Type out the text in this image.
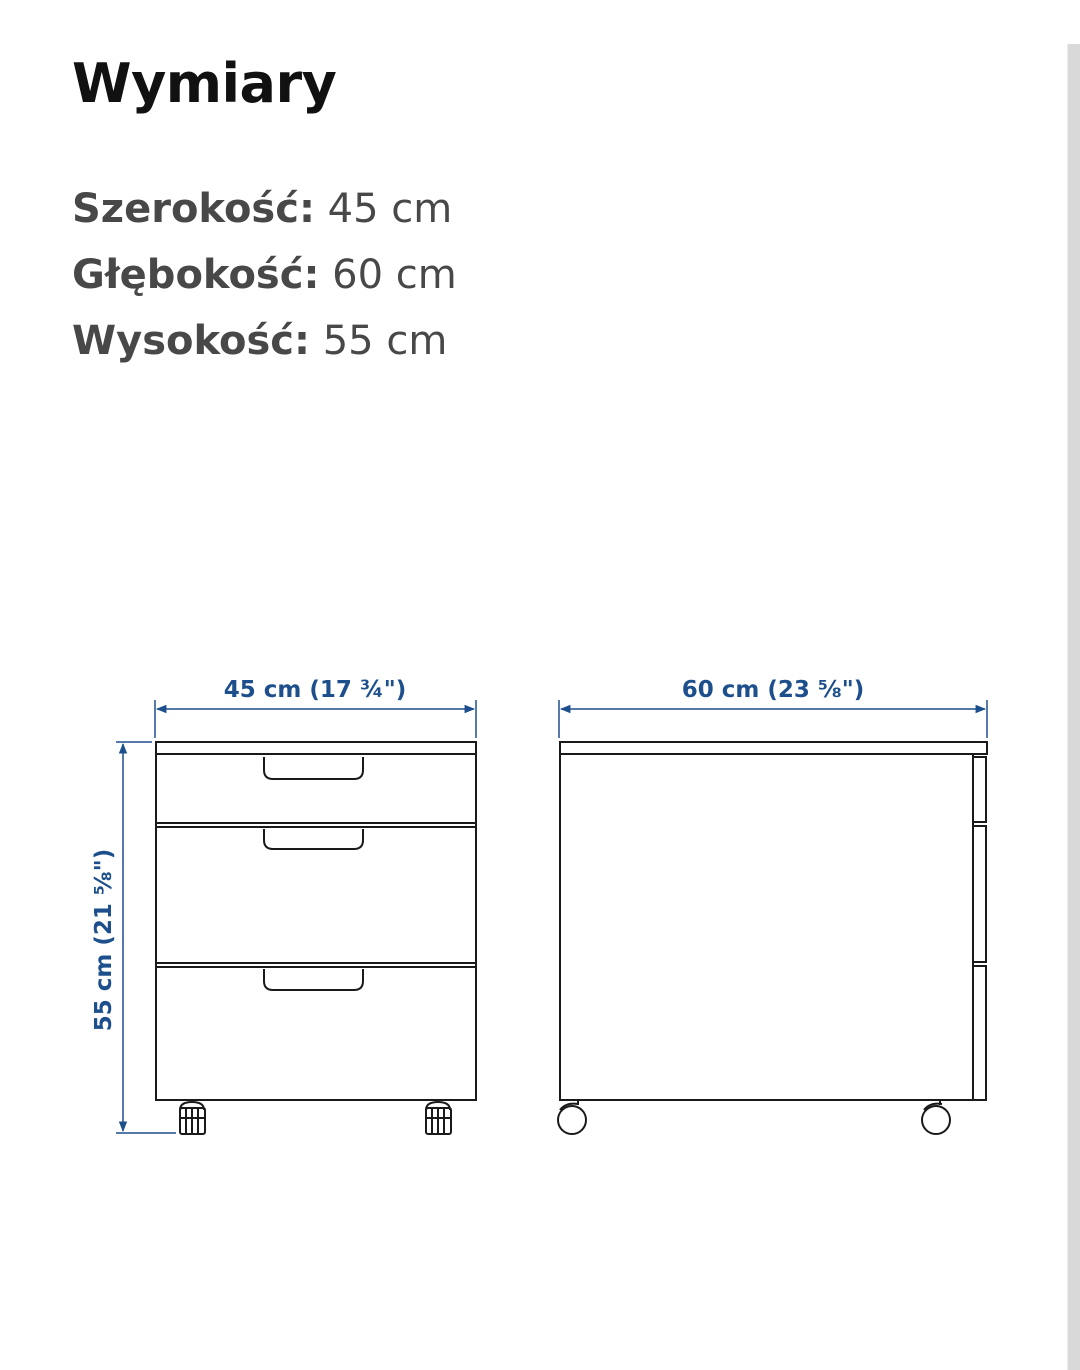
Wymiary
Szerokość: 45 cm
Głębokość: 60 cm
Wysokość: 55 cm
45 cm (17 ¾")	60 cm (23 ⅝")
55 cm (21 ⅝")
